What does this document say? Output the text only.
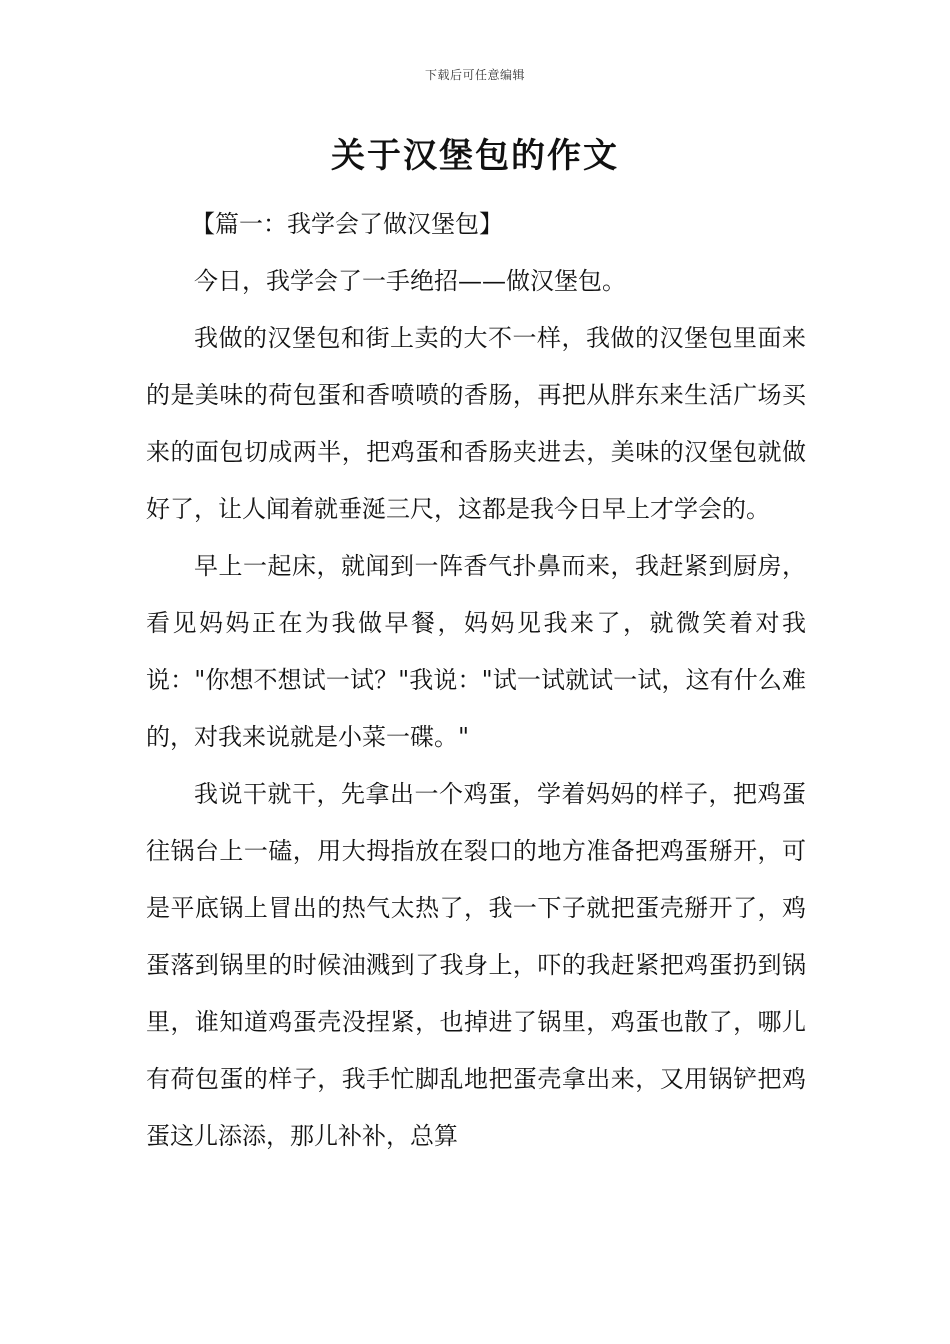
下载后可任意编辑
关于汉堡包的作文

【篇一：我学会了做汉堡包】

今日，我学会了一手绝招——做汉堡包。

我做的汉堡包和街上卖的大不一样，我做的汉堡包里面来的是美味的荷包蛋和香喷喷的香肠，再把从胖东来生活广场买来的面包切成两半，把鸡蛋和香肠夹进去，美味的汉堡包就做好了，让人闻着就垂涎三尺，这都是我今日早上才学会的。

早上一起床，就闻到一阵香气扑鼻而来，我赶紧到厨房，看见妈妈正在为我做早餐，妈妈见我来了，就微笑着对我说："你想不想试一试？"我说："试一试就试一试，这有什么难的，对我来说就是小菜一碟。"

我说干就干，先拿出一个鸡蛋，学着妈妈的样子，把鸡蛋往锅台上一磕，用大拇指放在裂口的地方准备把鸡蛋掰开，可是平底锅上冒出的热气太热了，我一下子就把蛋壳掰开了，鸡蛋落到锅里的时候油溅到了我身上，吓的我赶紧把鸡蛋扔到锅里，谁知道鸡蛋壳没捏紧，也掉进了锅里，鸡蛋也散了，哪儿有荷包蛋的样子，我手忙脚乱地把蛋壳拿出来，又用锅铲把鸡蛋这儿添添，那儿补补，总算
